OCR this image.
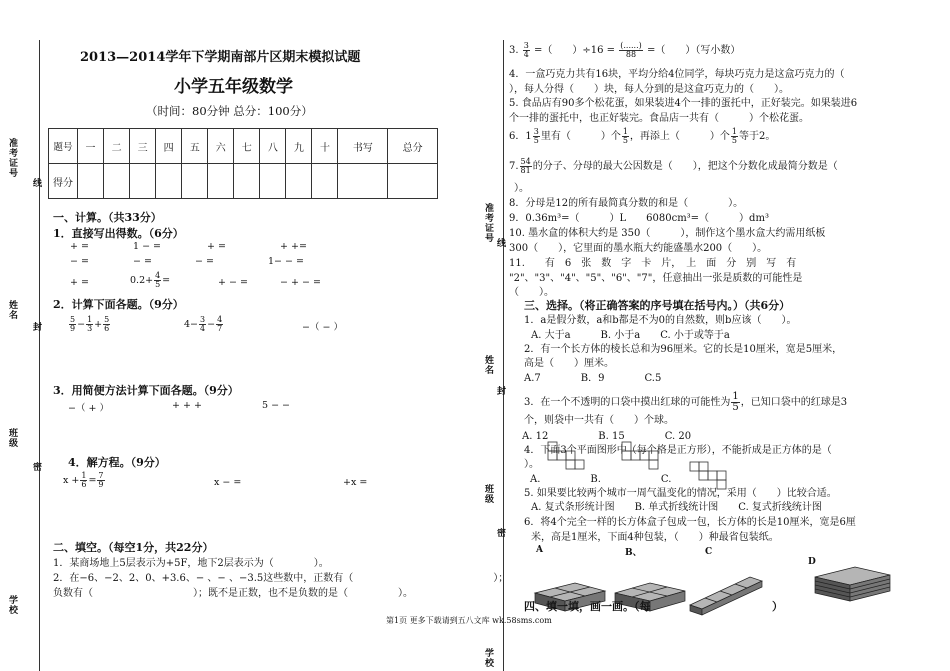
准考证号
线
姓名
封
班级
密
学校
准考证号 线
姓名
封
班级
密
学校
2013—2014学年下学期南部片区期末模拟试题
小学五年级数学
（时间：80分钟 总分：100分）
题号	一	二	三	四	五	六	七	八	九	十	书写	总分
得分												
一、计算。（共33分）
1．直接写出得数。（6分）
+ =	1 − =	+ =	+ +=
− =	− =	− =	1− − =
+ =	$0.2+ \frac{4}{5}$ =	+ − =	− + − =
2．计算下面各题。（9分）
$\frac{5}{9} - \frac{1}{3} + \frac{5}{6}$	$4- \frac{3}{4} - \frac{4}{7}$	−（ − ）
3．用简便方法计算下面各题。（9分）
−（ + ）	+ + +	5 − −
4．解方程。（9分）
$x + \frac{1}{6} = \frac{7}{9}$	x − =	+x =
二、填空。（每空1分，共22分）
1．某商场地上5层表示为+5F，地下2层表示为（　　　　）。
2．在−6、−2、2、0、+3.6、− 、− 、−3.5这些数中，正数有（　　　　　　　　　　　　　　）；
负数有（　　　　　　　　　　）；既不是正数，也不是负数的是（　　　　　）。
3. $\frac{3}{4}$ =（　　）$\div 16 = \frac{(......)}{88}$ =（　　）（写小数）
4．一盒巧克力共有16块，平均分给4位同学，每块巧克力是这盒巧克力的（
），每人分得（　　）块，每人分到的是这盒巧克力的（　　）。
5. 食品店有90多个松花蛋，如果装进4个一排的蛋托中，正好装完。如果装进6
个一排的蛋托中，也正好装完。食品店一共有（　　　）个松花蛋。
6．$1 \frac{3}{5}$ 里有（　　　）个 $\frac{1}{5}$ ，再添上（　　　）个 $\frac{1}{5}$ 等于2。
7. $\frac{54}{81}$ 的分子、分母的最大公因数是（　　），把这个分数化成最简分数是（
）。
8．分母是12的所有最简真分数的和是（　　　　）。
9．0.36m³=（　　　）L　　6080cm³=（　　　）dm³
10. 墨水盒的体积大约是 350（　　　），制作这个墨水盒大约需用纸板
300（　　），它里面的墨水瓶大约能盛墨水200（　　）。
11.　　有　6　张　数　字　卡　片，　上　面　分　别　写　有
"2"、"3"、"4"、"5"、"6"、"7"，任意抽出一张是质数的可能性是
（　　）。
三、选择。（将正确答案的序号填在括号内。）（共6分）
1．a是假分数，a和b都是不为0的自然数，则b应该（　　）。
A. 大于a　　　B. 小于a　　C. 小于或等于a
2．有一个长方体的棱长总和为96厘米。它的长是10厘米，宽是5厘米，
高是（　　）厘米。
A.7　　　　B．9　　　　C.5
3．在一个不透明的口袋中摸出红球的可能性为 $\frac{1}{5}$ ，已知口袋中的红球是3
个，则袋中一共有（　　）个球。
A. 12　　　　　B. 15　　　　C. 20
4．下面3个平面图形中（每个格是正方形），不能折成是正方体的是（
）。
A.　　　　　B.　　　　　　C.
5. 如果要比较两个城市一周气温变化的情况，采用（　　）比较合适。
A. 复式条形统计图　　B. 单式折线统计图　　C. 复式折线统计图
6．将4个完全一样的长方体盒子包成一包，长方体的长是10厘米，宽是6厘
米，高是1厘米，下面4种包装，（　　）种最省包装纸。
A	B、	C
D
四、填一填，画一画。（每	）
第1页 更多下载请到五八文库 wk.58sms.com
